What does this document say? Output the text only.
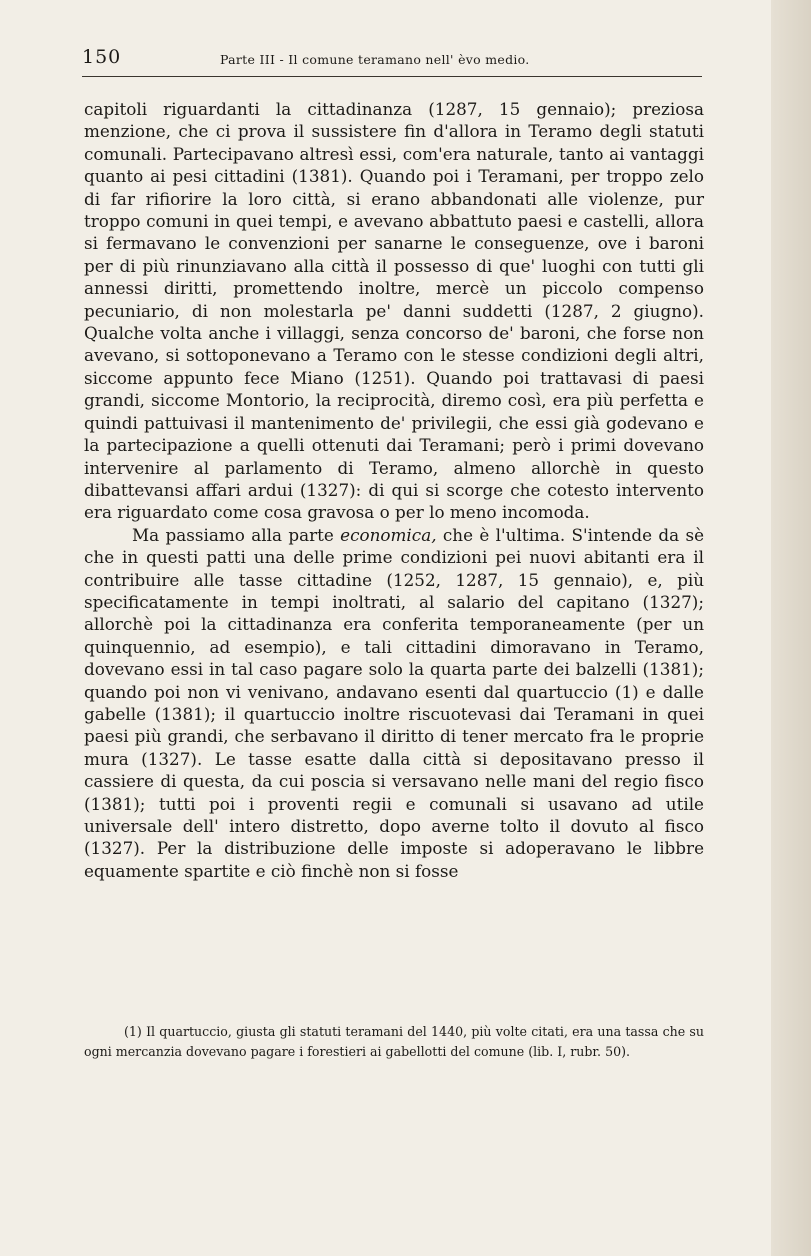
150	Parte III - Il comune teramano nell' èvo medio.

capitoli riguardanti la cittadinanza (1287, 15 gennaio); preziosa menzione, che ci prova il sussistere fin d'allora in Teramo degli statuti comunali. Partecipavano altresì essi, com'era naturale, tanto ai vantaggi quanto ai pesi cittadini (1381). Quando poi i Teramani, per troppo zelo di far rifiorire la loro città, si erano abbandonati alle violenze, pur troppo comuni in quei tempi, e avevano abbattuto paesi e castelli, allora si fermavano le convenzioni per sanarne le conseguenze, ove i baroni per di più rinunziavano alla città il possesso di que' luoghi con tutti gli annessi diritti, promettendo inoltre, mercè un piccolo compenso pecuniario, di non molestarla pe' danni suddetti (1287, 2 giugno). Qualche volta anche i villaggi, senza concorso de' baroni, che forse non avevano, si sottoponevano a Teramo con le stesse condizioni degli altri, siccome appunto fece Miano (1251). Quando poi trattavasi di paesi grandi, siccome Montorio, la reciprocità, diremo così, era più perfetta e quindi pattuivasi il mantenimento de' privilegii, che essi già godevano e la partecipazione a quelli ottenuti dai Teramani; però i primi dovevano intervenire al parlamento di Teramo, almeno allorchè in questo dibattevansi affari ardui (1327): di qui si scorge che cotesto intervento era riguardato come cosa gravosa o per lo meno incomoda.

Ma passiamo alla parte economica, che è l'ultima. S'intende da sè che in questi patti una delle prime condizioni pei nuovi abitanti era il contribuire alle tasse cittadine (1252, 1287, 15 gennaio), e, più specificatamente in tempi inoltrati, al salario del capitano (1327); allorchè poi la cittadinanza era conferita temporaneamente (per un quinquennio, ad esempio), e tali cittadini dimoravano in Teramo, dovevano essi in tal caso pagare solo la quarta parte dei balzelli (1381); quando poi non vi venivano, andavano esenti dal quartuccio (1) e dalle gabelle (1381); il quartuccio inoltre riscuotevasi dai Teramani in quei paesi più grandi, che serbavano il diritto di tener mercato fra le proprie mura (1327). Le tasse esatte dalla città si depositavano presso il cassiere di questa, da cui poscia si versavano nelle mani del regio fisco (1381); tutti poi i proventi regii e comunali si usavano ad utile universale dell' intero distretto, dopo averne tolto il dovuto al fisco (1327). Per la distribuzione delle imposte si adoperavano le libbre equamente spartite e ciò finchè non si fosse

(1) Il quartuccio, giusta gli statuti teramani del 1440, più volte citati, era una tassa che su ogni mercanzia dovevano pagare i forestieri ai gabellotti del comune (lib. I, rubr. 50).
